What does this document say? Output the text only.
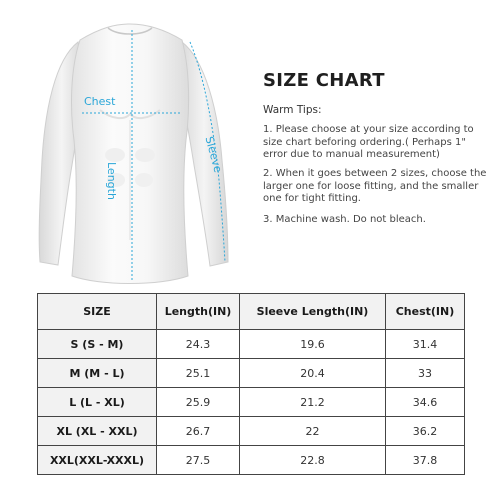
Chest
Length
Sleeve
SIZE CHART

Warm Tips:

1. Please choose at your size according to size chart beforing ordering.( Perhaps 1" error due to manual measurement)

2. When it goes between 2 sizes, choose the larger one for loose fitting, and the smaller one for tight fitting.

3. Machine wash. Do not bleach.

SIZE	Length(IN)	Sleeve Length(IN)	Chest(IN)
S (S - M)	24.3	19.6	31.4
M (M - L)	25.1	20.4	33
L (L - XL)	25.9	21.2	34.6
XL (XL - XXL)	26.7	22	36.2
XXL(XXL-XXXL)	27.5	22.8	37.8
